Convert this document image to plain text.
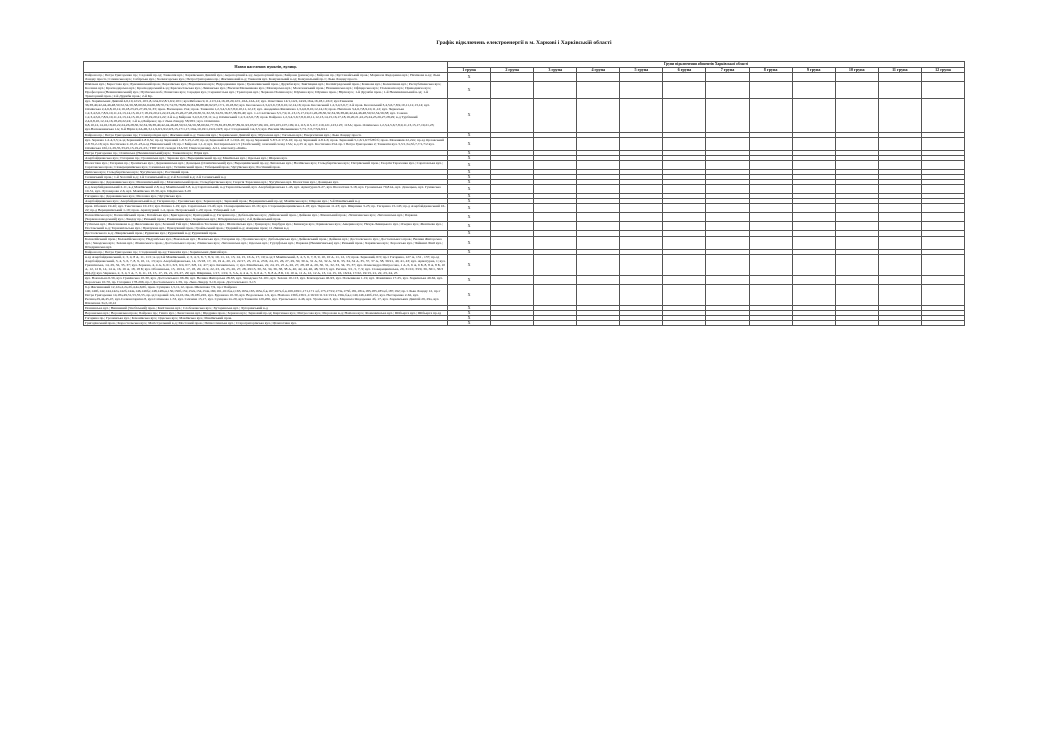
Графік відключень електроенергії в м. Харкові і Харківській області
Назви населених пунктів, вулиць	Групи відключення абонентів Харківської області											
	1 група	2 група	3 група	4 група	5 група	6 група	7 група	8 група	9 група	10 група	11 група	12 група
Байрона пр.; Петра Григоренка пр.; Садовий пр-зд; Танкопія вул.; Харківських Дивізій вул.; Аеропортний в-зд; Аеропортний пров.; Байрона (ринок) пр.; Байрона пр.; Кустанайський пров.; Маршала Федоренка вул.; Нахімова в-зд; Льва Ландау просп.; Сочинська вул.; Сабірська вул.; Холмогорська вул.; Петра Григоренка пр.; Жасминовий в-д; Танкопія вул. Комунальний в-зд; Комунальний пр-т; Льва Ландау просп.	X											
Шкільна вул.; Берестова вул.; Буковинський пров.; Березівська вул.; Ворошилова вул.; Відродження пров.; Гремалинський пров.; Дружби вул.; Звягінцева вул.; Калініградський пров.; Кленова вул.; Колективна вул.; Республіканська вул.; Косенка вул.; Краснодарська вул.; Краснодарський в-зд; Красносільська вул.; Лиманська вул.; Васили Мельникова вул.; Мовчарська вул.; Молочанський пров.; Новакинська вул.; Офіцерська вул.; Полежаєва вул.; Приводнича вул.; Професорна (Немишлянський) вул.; Путівська наб.; Решетова вул.; Середня вул.; Сержантська вул.; Тракторна вул.; Червона Поляна вул.; Шумана вул.; Шумана пров.; Юрія вул.; 1-й Дружби пров.; 1-й Немишлянський в-зд; 1-й Тракторний пров.; 2-й Дружби пров.; 2-й Кр.	X											
вул. Харківських Дивізій 4,6,10,12/21,10/1,8,12А,6/2,8/1,6/2,10/1; вул.Рибалка 9,11,11/3,14,16,18,20,12/1,16А,12А,12; вул. Олкстівна 14/1,14/2,14/22,16А,16,18,1,16/2; вул.Танкопія 36,38,40,42,44,46,48,50,52,54,56,58,60,62,64,66,68,70,72,74,76,78,80,82,84,86,88,90,92,97,17/1,19,18,82; вул. Кесовська 2,3,4,5,6,7,8,9,10,12,14,16; пров. Кесовський 1,2,3,4,5,6,7; 2-й пров. Кесовський 3,4,5,6,7,8,9,10,11,12,13,14; вул. Олмінська 2,4,6,8,10,12,16,18,23,25,27,29,31,33; пров. Васнецова 15А; пров. Танкопія 1,2,3,4,5,6,7,8,9,10,11,12,13; вул. Академіка Филипова 1,3,4,6,8,10,12,14,16; пров. Неплюєв 3,4,6,7,8,9,10,11,12; вул. Черкаська 1,2,3,4,5,6,7,8,9,10,11,12,13,14,15,16,17,18,19,20,21,22,23,24,25,26,27,28,29,30,31,32,33,34,35,36,37,38,39,40; вул. 1-а Салтівська 3,5,7,9,11,13,15,17,19,21,26,28,30,32,34,36,38,40,42,44,46,48,50,52,54,56,58; вул. Сокова 1,2,3,4,5,6,7,8,9,10,11,12,13,14,15,16,17,18,19,20,21,22; 2-й в-д Байрона 3,4,5,6,7,8,11; в-д Олмінський 1,2,3,4,5,6,7,8; пров. Байрона 1,2,3,4,5,6,7,8,9,10,11,12,13,14,15,16,17,18,19,20,21,22,23,24,25,26,27,28,29; в-д Турбінний 2,4,6,8,10,12,14,16,18,20,22,24; 1-й в-д Байрона; пр-т Льва Ландау 58,58/1; вул. Олімпієва 6,8,10,12,14,16,18,20,22,24,26,28,30,32,34,36,38,40,42,44,46,48,50,52,54,56,58,60,62,77,79,81,83,85,87,89,91,93,95,97,99,101,103,105,107,109,111,113,115,117,119,121,123,125; 113А; пров. Олмінська 1,2,3,4,5,6,7,8,9,11,13,15,17,19,21,23; вул.Васюковянська 1А; 6-й Юрія 2,2А,2Б,3,11,9,9/1,9/2,9/3,15,17/1,17,19А,10,19/1,19/2,19/3; пр-т Стадіонний 1А,3,5; вул. Васили Мельникова 7,7/1,7/2,7/3,9,9/11	X											
Байрона пр.; Петра Григоренка пр.; Галнопроїздна вул.; Жасминовий в-д; Танкопія вул.; Харківських Дивізій вул.; Мухалова вул.; Тагальна вул.; Енергетична вул.; Льва Ландау просп.	X											
вул. Зернова 1-2-4,3,5; в-зд Зерновий 2-8 6,5а; пр-зд Зерновий 1-8 3-25,2-20; пр-зд Зерновий 2-8 1-19,6-16; пр-зд Зерновий 5-8 5-2/17,6-16; пр-зд Зерновий 4-8 4-6; пров. Зерновий 5,1,6/1,6/7б/8б/б; пров. Можняків 22,22а; пр-зд Орловський 2-8 35,2-16; вул. Костичева 2-10,21-23,в-зд Нижненський 16; пр-т Байрона 1,1-4; вул. Котляревського 5 (Злобіський); зачечний склад 13А; в-д 25 А; вул. Костичева 25А пр-т Петра Григоренка 2; Танкопія вул. 5,5/1,5а,5б,7,7/1,7/2 вул. Олмінська 16б,11,29,35,33,25,15,19,21,23,; ТПР 4/10; склади 13А/10; Пацієн ризику, А/11, кінотеатр «Київ»	X											
Петра Григоренка пр.; Олмінська (Немишлянський) вул.; Танкопія вул.; Юрія вул.	X											
Азербайджанська вул.; Гагарина пр.; Грозинська вул.; Зернова вул.; Верецинівський пр-зд; Макіївська вул.; Одеська вул.; Шарова вул.	X											
Біологічна вул.; Гагарина пр.; Гренінська вул.; Державинська вул.; Донецька (Олмін'янський) вул.; Верецинівський пр-зд; Лиговська вул.; Наліївська вул.; Гольдбергівська вул.; Петрівський пров.; Георгія Тарасенка вул.; Саратовська вул.; Саратовська пров.; Сіоверецинівська вул.; Сечинська вул.; Тетянівський пров.; Узбецький пров.; Чугуївська вул.; Ростівний пров.	X											
Дніпська вул.; Гольдбергівська вул.; Чугуївська вул.; Ростівний пров.	X											
Сечинський пров.; 1-й Золотий в-д; 1-й Сечинський в-д; 2-й Золотий в-д; 2-й Сечинський в-д	X											
Гагарина пр.; Державинська вул.; Мовчанівський пр.; Мовчанівський пров.; Гольдбергівська вул.; Георгія Тарасенка вул.; Чугуївська вул. Біологічна вул.; Донецька вул.	X											
в-д Азербайджанський 2-11, в-д Макіївський 2-8, в-д Макіївський 3-8, в-д Саратовський, в-д Тернопільський, вул. Азербайджанська 1-43, вул. Арматурна 9-27, вул. Біологічна 3-18, вул. Грозинська 79,81А, вул. Донецька, вул. Гуманська 10-51, вул. Луговарова 2-6, вул. Макіївська 10-30, вул. Щедінська 3-29	X											
Гагарина пр.; Державинська вул.; Молочна вул.; Чугуївська вул.	X											
Азербайджанська вул.; Азербайджанський в-д; Гагарина пр.; Грозинська вул.; Зернова вул.; Зерновий пров.; Верецинівський пр-зд; Макіївська вул.; Шарова вул.; 5-й Макіївський в-д	X											
пров. Обозних 19-4б; вул. Текстильна 10-131; вул. Регина 1-19; вул. Саратовська 13-4б; вул. Сіоверецинівська 10-16; вул. Старовецінецинівська 4-18; вул. Червона 11-23; вул. Ширпика 3-25; пр. Гагарина 13-145; пр-д Азербайджанський 16-22; пр-д Верецинівський 1-19; пров. Арматурний 1-4, пров. Петровський 1-20; пров. Узбецький 1-6	X											
Балакліївська вул.; Балаклійський пров.; Батайська вул.; Бригадна вул.; Бригадний в-д; Гагарина пр.; Дебальцівська вул.; Дейковський пров.; Дейкова вул.; Ліманський пров.; Лісничанська вул.; Лигочанська вул.; Паркова (Червонозаводський) вул.; Ландау пр.; Ризький пров.; Ромашкина вул.; Харківська вул.; Штедринська вул.; 2-й Дейковський пров.	X											
Гутівська вул.; Желєзнякова в-д; Желєзнякова вул.; Зелений Гай вул.; Михайла Тесленка вул.; Шатилівська вул.; Гриця вул.; Карбури вул.; Кишоцук вул.; Криковська вул.; Америка вул.; Нечуя-Левицького вул.; Очерна вул.; Жовтнева вул.; Посільський в-д; Терношільська вул.; Прилужна вул.; Прилужний пров.; Грайльський пров.; Ударний в-д; Америка пров; 11 Липня в-д	X											
Достоєвського в-д; Ліварівський пров.; Рудничка вул.; Рудничний в-д; Рудничний пров.	X											
Балаклійський пров.; Балаклійська вул.; Надушбська вул.; Вокзальна вул.; Вокінська вул.; Гагарина пр.; Грозинська вул.; Дебальцівська вул.; Дейковський пров.; Дейкова вул.; Достоєвського вул.; Достоєвського пров.; Велика Житорська вул.; Заводська вул.; Зелена вул.; Ліманського пров.; Достоєвського пров.; Ліманська вул.; Лигочанська вул.; Одеська вул.; Гуртуфська вул.; Паркова (Немиш'янська) вул.; Ризький пров.; Харківська вул.; Хоролська вул.; Чайкині Лінії вул.; Штедринська вул.	X											
Байрона пр.; Петра Григоренка пр.; Стадіонний пр-зд; Танкопія вул.; Харківських Дивізій вул.	X											
в-зд Азербайджанський, 2, 3, 4, 8 А, 11, 11/1; в-зд 2-й Макіївський, 2, 3, 4, 5, 6, 7, 8, 9, 10, 11, 12, 13, 14, 15, 16 А, 17, 19; в-зд 3 Макіївський, 3, 4, 5, 6, 7, 8, 9, 10, 10 А, 11, 12, 13; пров. Зерновий, 6/3; пр-т Гагарина, 127 А, 131 , 137; пр-зд Азербайджанський, 3, 4, 5, 6, 7, 8, 9, 10, 11, 13; вул. Азербайджанська, 14, 15/18, 17, 19, 19 А, 20, 21, 22/17, 23, 23 А, 23 Б, 24, 25, 26, 27, 29, 30, 30 А, 31 А, 32, 32 А, 32 Б, 33, 34, 34 А, 35, 37, 37 А, 38, 39/21, 40, 41, 43; вул. Арматурна, 1; вул. Грюшінська, 14, 29, 32, 35, 37; вул. Зернова, 4, 4 А, 6, 6/1, 6/3, 6/4, 6/7, 6/8, 12, 4/7; вул. Качанівська, 1; вул. Макіївська, 22, 24, 25, 25 А, 26, 27, 28, 28 А, 29, 30, 31, 32, 33, 34, 35, 37; вул. Олександра Матросова, 1 А, 6, 6 А, 6 Б, 8, 8 А, 8 Б, 10 А, 12, 12 Б, 14, 14 А, 16, 16 А, 18, 18 Б; вул. Обозинська, 15, 16/14, 17, 18, 20, 21/2, 22, 23, 24, 25, 26, 27, 28, 29/15, 30, 32, 34, 36, 38, 38 А, 40, 42, 44, 46, 48, 50/13; вул. Регина, 3/1, 5, 7, 9; вул. Сіоверецинівська, 29, 31/10, 33/9, 36, 36/1, 36/3 ДЦ-Д); вул. Червона, 2, 3, 4, 5 А, 7, 9, 11, 13, 15, 17, 19, 21, 23, 27, 29; вул. Ширпика, 1/17, 1/19, 3, 3 А, 4, 4 А, 5, 6, 6 А, 7, 8, 8 А, 8 Б, 10, 10 А, 11 А, 12, 12 А, 13, 14, 15, 16, 16/24, 17/22, 19/13, 21, 22, 23, 24, 25	X											
вул. Вокзальна 6-56, вул. Гренінська 10-30, вул. Достоєвського 66-99, вул. Велика Житорська 28-63, вул. Заводська 52-101, вул. Зелена 10-113, вул. Ключарська 46-93, вул. Пальчикова 1-19, вул. Фонвізина 17-25, вул. Харківська 49-62, вул. Хоролська 10-70, пр. Гагарина 178-266, пр-т Достоєвського 1-59, пр. Льва Ландау 3-19, пров. Достоєвського 3-15	X											
6-р Жасминовий 12,12а,2,2а,2б,4,4а,6,6б, пров. Сумцова 1,5,11,12, пров. Шелепова 7,9, пр-т Байрона 140,140б,142,144,142а,142б,144а,146,146б,г,148,148а,в,150,150б,152,152а,154,154а,160,161,161б,в,г,163,163а,165,165а,б,в,167,167а,б,в,169,169/1,171,171 а,б,173,173/2,173а,173б,181,181а,183,185,185а,б,187,192; пр-т Льва Ландау 12, пр-т Петра Григоренка 14,18а,49,51,53,55,55, пр-зд Садовий 12а,14,16,16а,18,18б,226, вул. Буранова 10-30, вул. Водолазька 1-9, вул. Нахіона 136б,136/1,1/16/10/11/12/13/14,130а,б,в,г,140,146,146б,152, вул. Нестеренко 2-62, вул. Ресина,29,44,45,47, вул.Салюватарніва 8, вул.Сліпакова 1-53, вул. Сєвчина 15,17, вул. Сумцова 2а-20, вул.Танкопія 126,266, вул. Уральського 4-46, вул. Уральська 3, вул. Маршала Федоренка 4б, 17, вул. Харківських Дивізій 29, 29а, вул. Шелепова 3а,5,10,12	X											
Пошинська вул.; Вишневий (Злобіський) пров.; Капітанова вул.; Слобожанська вул.; Хуторянська вул.; Хуторянський в-д	X											
Воронезька вул.; Воронезька пров.; Байрона пр.; Гинго вул.; Леонтонова вул.; Щедрика пров.; Зернова вул.; Зерновий пр-зд; Киргизька вул.; Матросова вул.; Морозова в-д; Нахіона вул.; Фоменківська вул.; Шібьерга вул.; Шібьерга пр-зд	X											
Гагарина пр.; Грозинська вул.; Качанівська вул.; Одеська вул.; Макіївська вул.; Макіївський пров.	X											
Григорівський пров.; Коростельська вул.; Магістральний в-д; Мостовий пров.; Пятисотинська вул.; Старогригорівська вул.; Цілисотина вул.	X											
